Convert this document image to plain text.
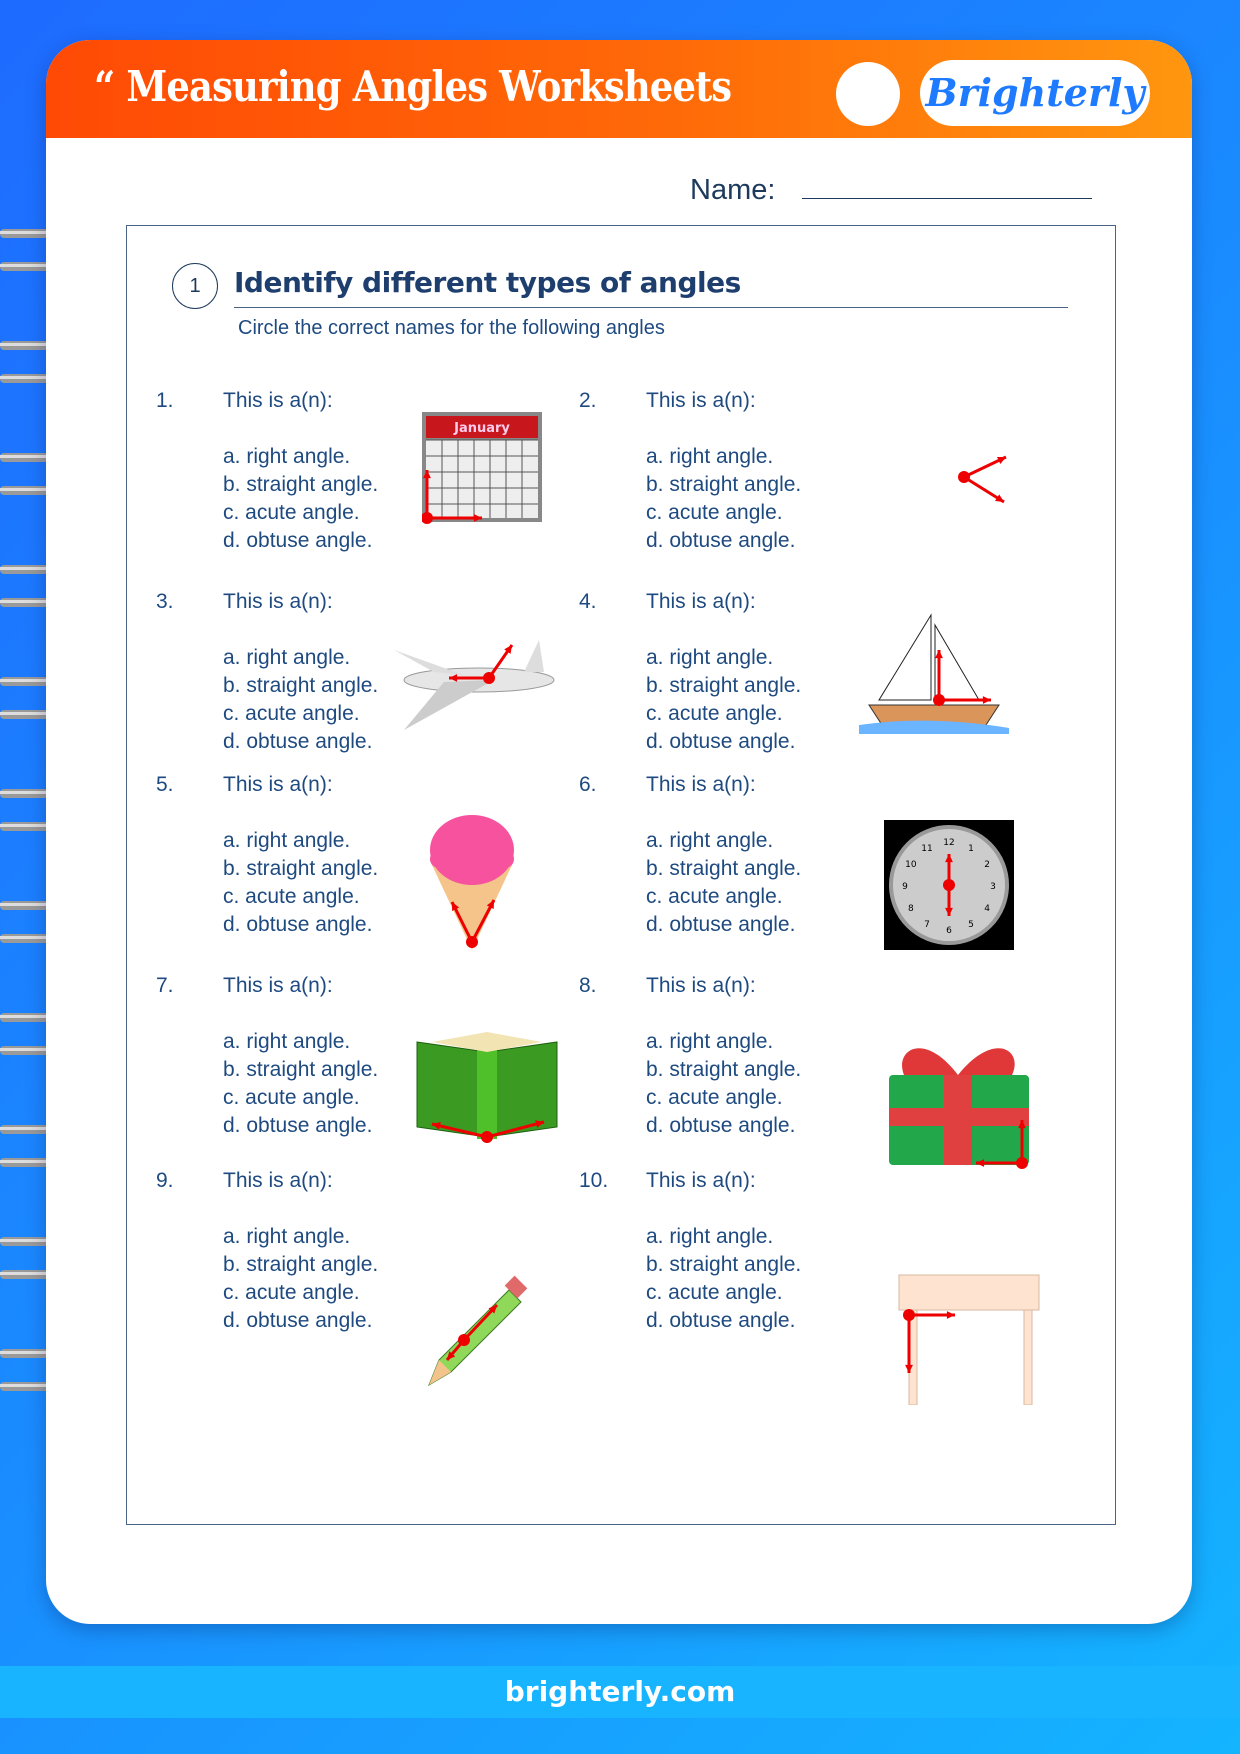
“ Measuring Angles Worksheets	Brighterly
Name:
1	Identify different types of angles
Circle the correct names for the following angles
1. This is a(n):
a. right angle.
b. straight angle.
c. acute angle.
d. obtuse angle.
January
2. This is a(n):
a. right angle.
b. straight angle.
c. acute angle.
d. obtuse angle.
3. This is a(n):
a. right angle.
b. straight angle.
c. acute angle.
d. obtuse angle.
4. This is a(n):
a. right angle.
b. straight angle.
c. acute angle.
d. obtuse angle.
5. This is a(n):
a. right angle.
b. straight angle.
c. acute angle.
d. obtuse angle.
6. This is a(n):
a. right angle.
b. straight angle.
c. acute angle.
d. obtuse angle.
12
1
2
3
4
5
6
7
8
9
10
11
7. This is a(n):
a. right angle.
b. straight angle.
c. acute angle.
d. obtuse angle.
8. This is a(n):
a. right angle.
b. straight angle.
c. acute angle.
d. obtuse angle.
9. This is a(n):
a. right angle.
b. straight angle.
c. acute angle.
d. obtuse angle.
10. This is a(n):
a. right angle.
b. straight angle.
c. acute angle.
d. obtuse angle.
brighterly.com
